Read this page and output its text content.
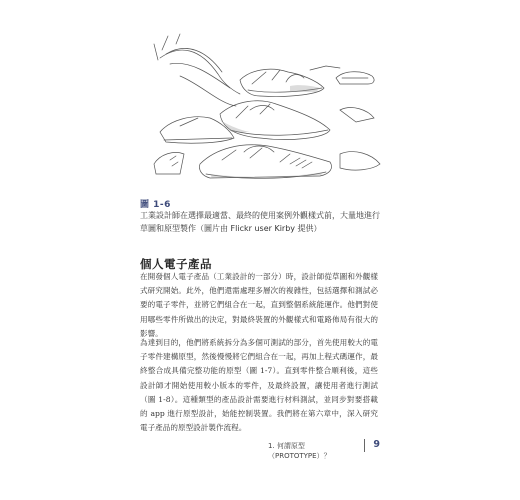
圖 1-6
工業設計師在選擇最適當、最終的使用案例外觀樣式前，大量地進行草圖和原型製作（圖片由 Flickr user Kirby 提供）
個人電子產品
在開發個人電子產品（工業設計的一部分）時，設計師從草圖和外觀樣式研究開始。此外，他們還需處理多層次的複雜性，包括選擇和測試必要的電子零件，並將它們組合在一起，直到整個系統能運作。他們對使用哪些零件所做出的決定，對最終裝置的外觀樣式和電路佈局有很大的影響。
為達到目的，他們將系統拆分為多個可測試的部分，首先使用較大的電子零件建構原型，然後慢慢將它們組合在一起，再加上程式碼運作，最終整合成具備完整功能的原型（圖 1-7）。直到零件整合順利後，這些設計師才開始使用較小版本的零件，及最終設置，讓使用者進行測試（圖 1-8）。這種類型的產品設計需要進行材料測試，並同步對要搭載的 app 進行原型設計，始能控制裝置。我們將在第六章中，深入研究電子產品的原型設計製作流程。
1. 何謂原型（PROTOTYPE）？
9
